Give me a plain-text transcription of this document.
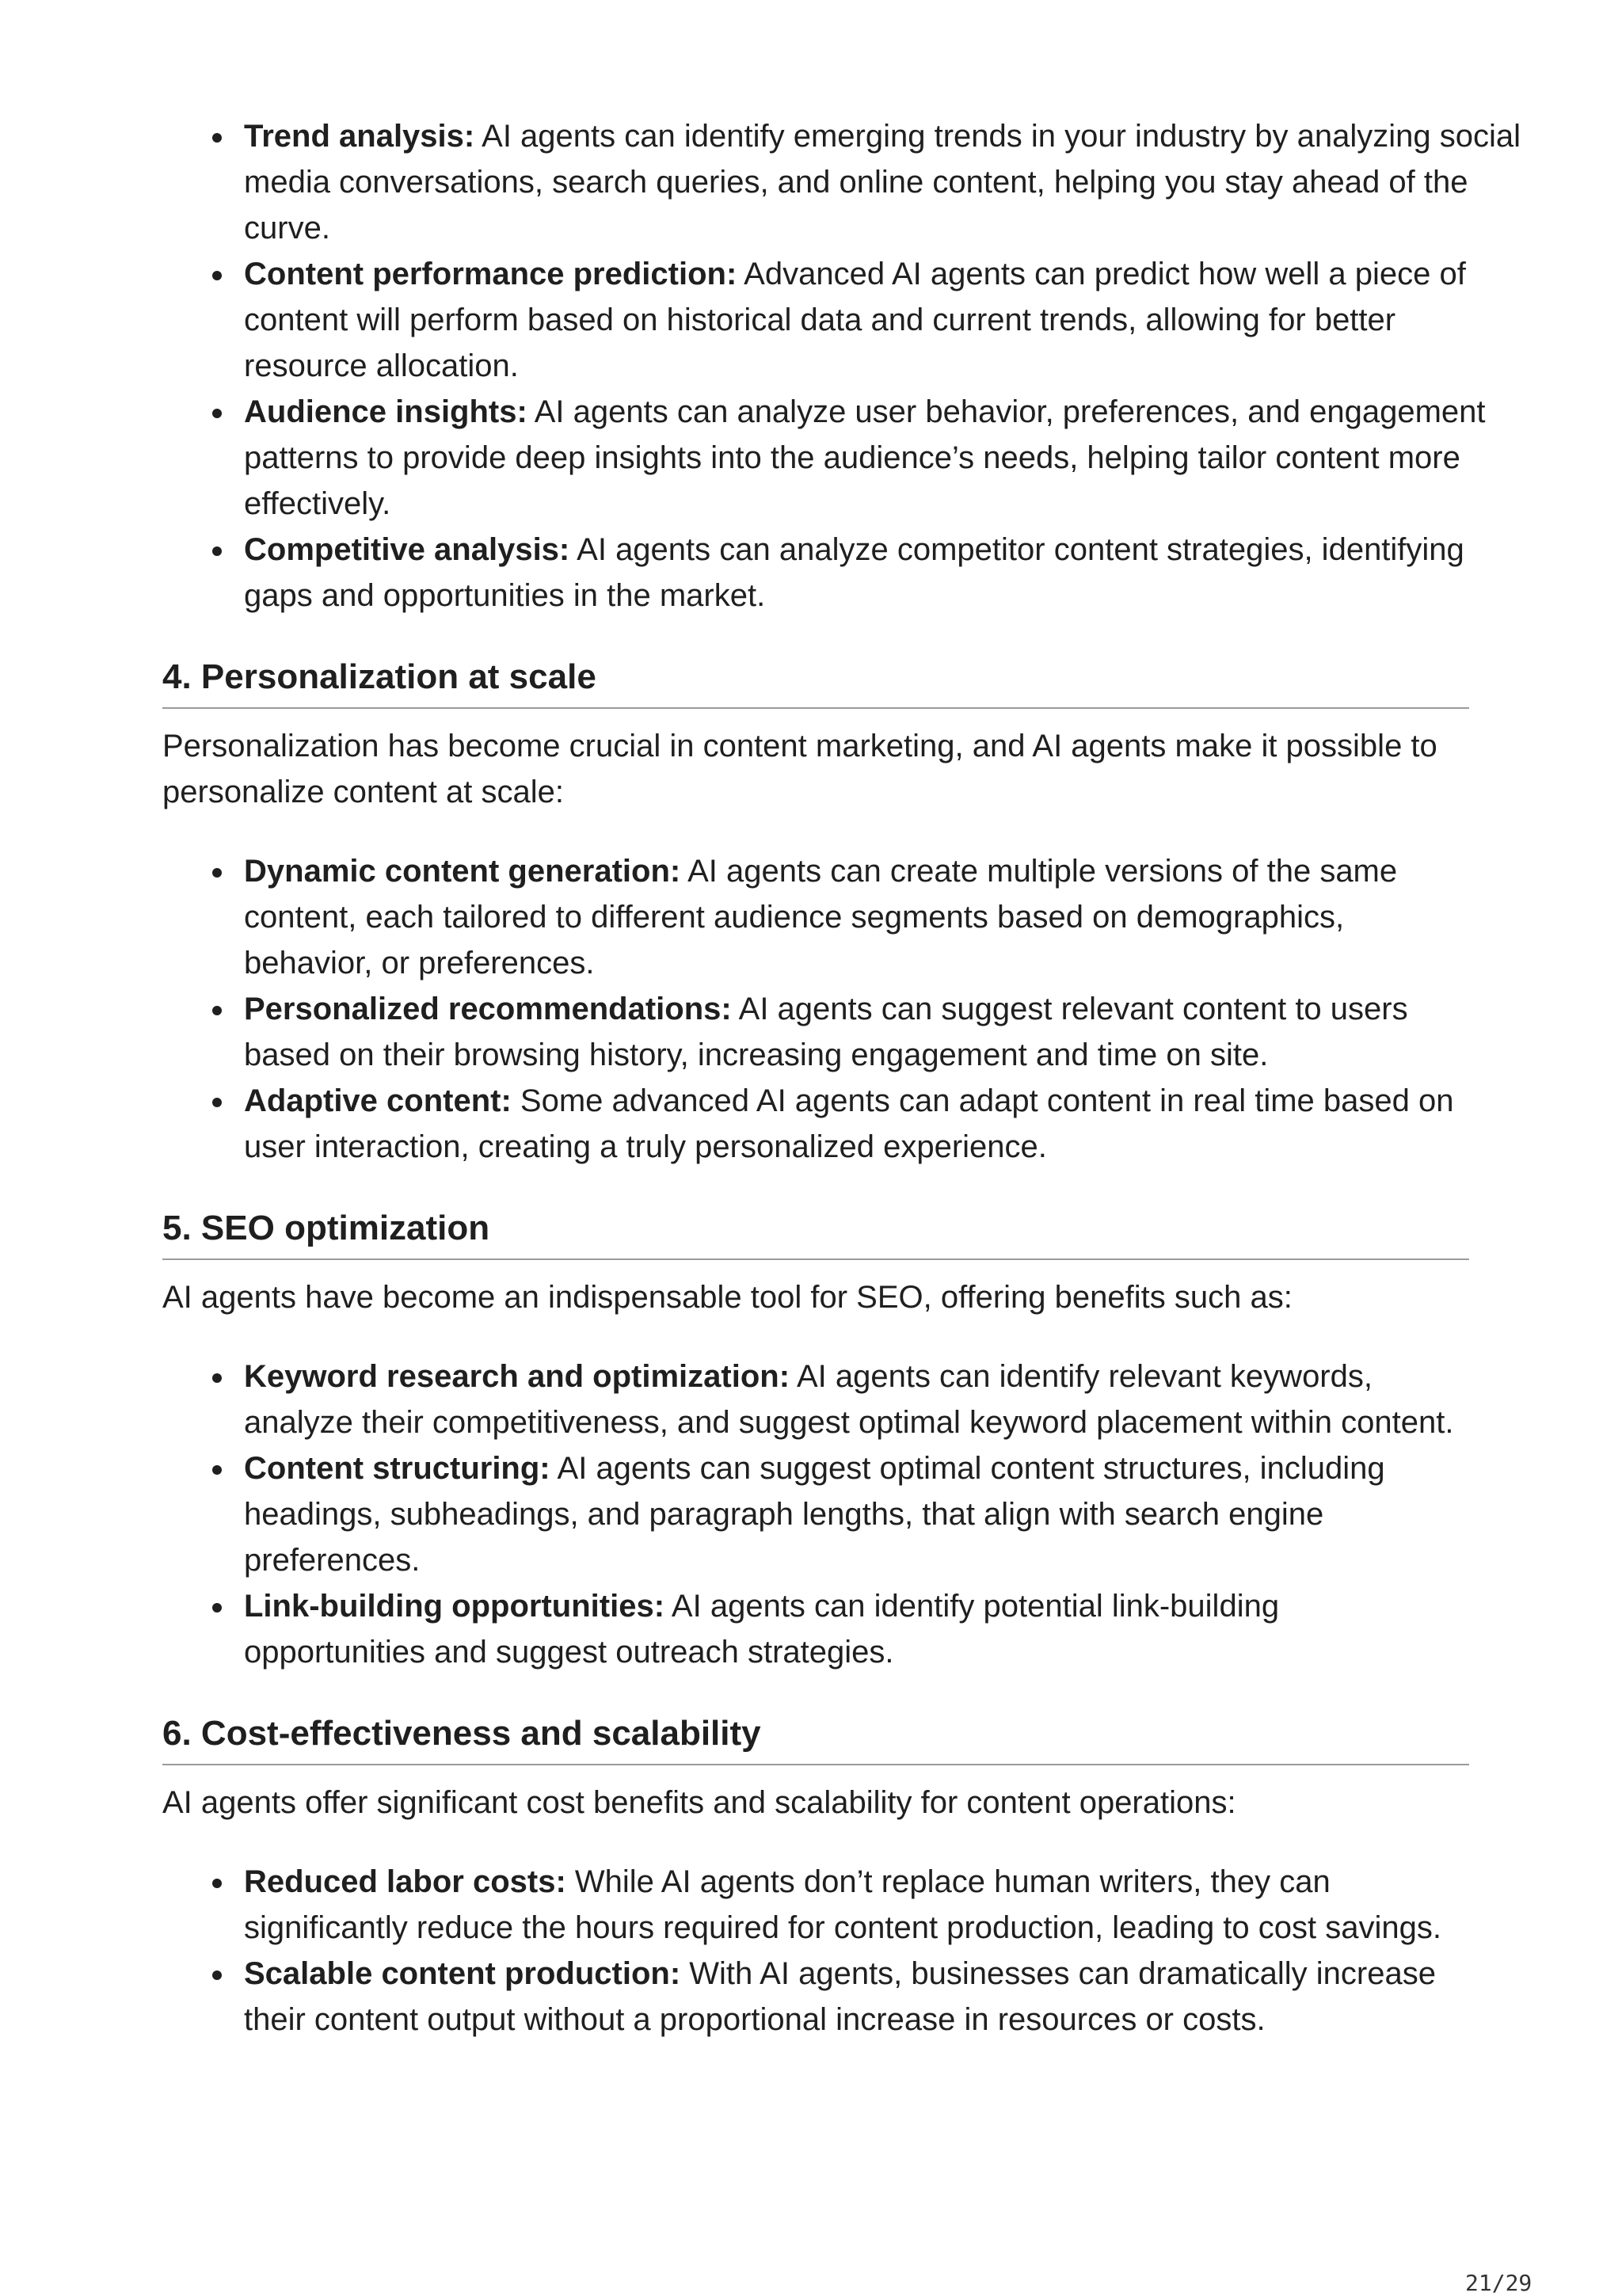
Trend analysis: AI agents can identify emerging trends in your industry by analyzing social media conversations, search queries, and online content, helping you stay ahead of the curve.
Content performance prediction: Advanced AI agents can predict how well a piece of content will perform based on historical data and current trends, allowing for better resource allocation.
Audience insights: AI agents can analyze user behavior, preferences, and engagement patterns to provide deep insights into the audience’s needs, helping tailor content more effectively.
Competitive analysis: AI agents can analyze competitor content strategies, identifying gaps and opportunities in the market.
4. Personalization at scale

Personalization has become crucial in content marketing, and AI agents make it possible to personalize content at scale:

Dynamic content generation: AI agents can create multiple versions of the same content, each tailored to different audience segments based on demographics, behavior, or preferences.
Personalized recommendations: AI agents can suggest relevant content to users based on their browsing history, increasing engagement and time on site.
Adaptive content: Some advanced AI agents can adapt content in real time based on user interaction, creating a truly personalized experience.
5. SEO optimization

AI agents have become an indispensable tool for SEO, offering benefits such as:

Keyword research and optimization: AI agents can identify relevant keywords, analyze their competitiveness, and suggest optimal keyword placement within content.
Content structuring: AI agents can suggest optimal content structures, including headings, subheadings, and paragraph lengths, that align with search engine preferences.
Link-building opportunities: AI agents can identify potential link-building opportunities and suggest outreach strategies.
6. Cost-effectiveness and scalability

AI agents offer significant cost benefits and scalability for content operations:

Reduced labor costs: While AI agents don’t replace human writers, they can significantly reduce the hours required for content production, leading to cost savings.
Scalable content production: With AI agents, businesses can dramatically increase their content output without a proportional increase in resources or costs.
21/29
